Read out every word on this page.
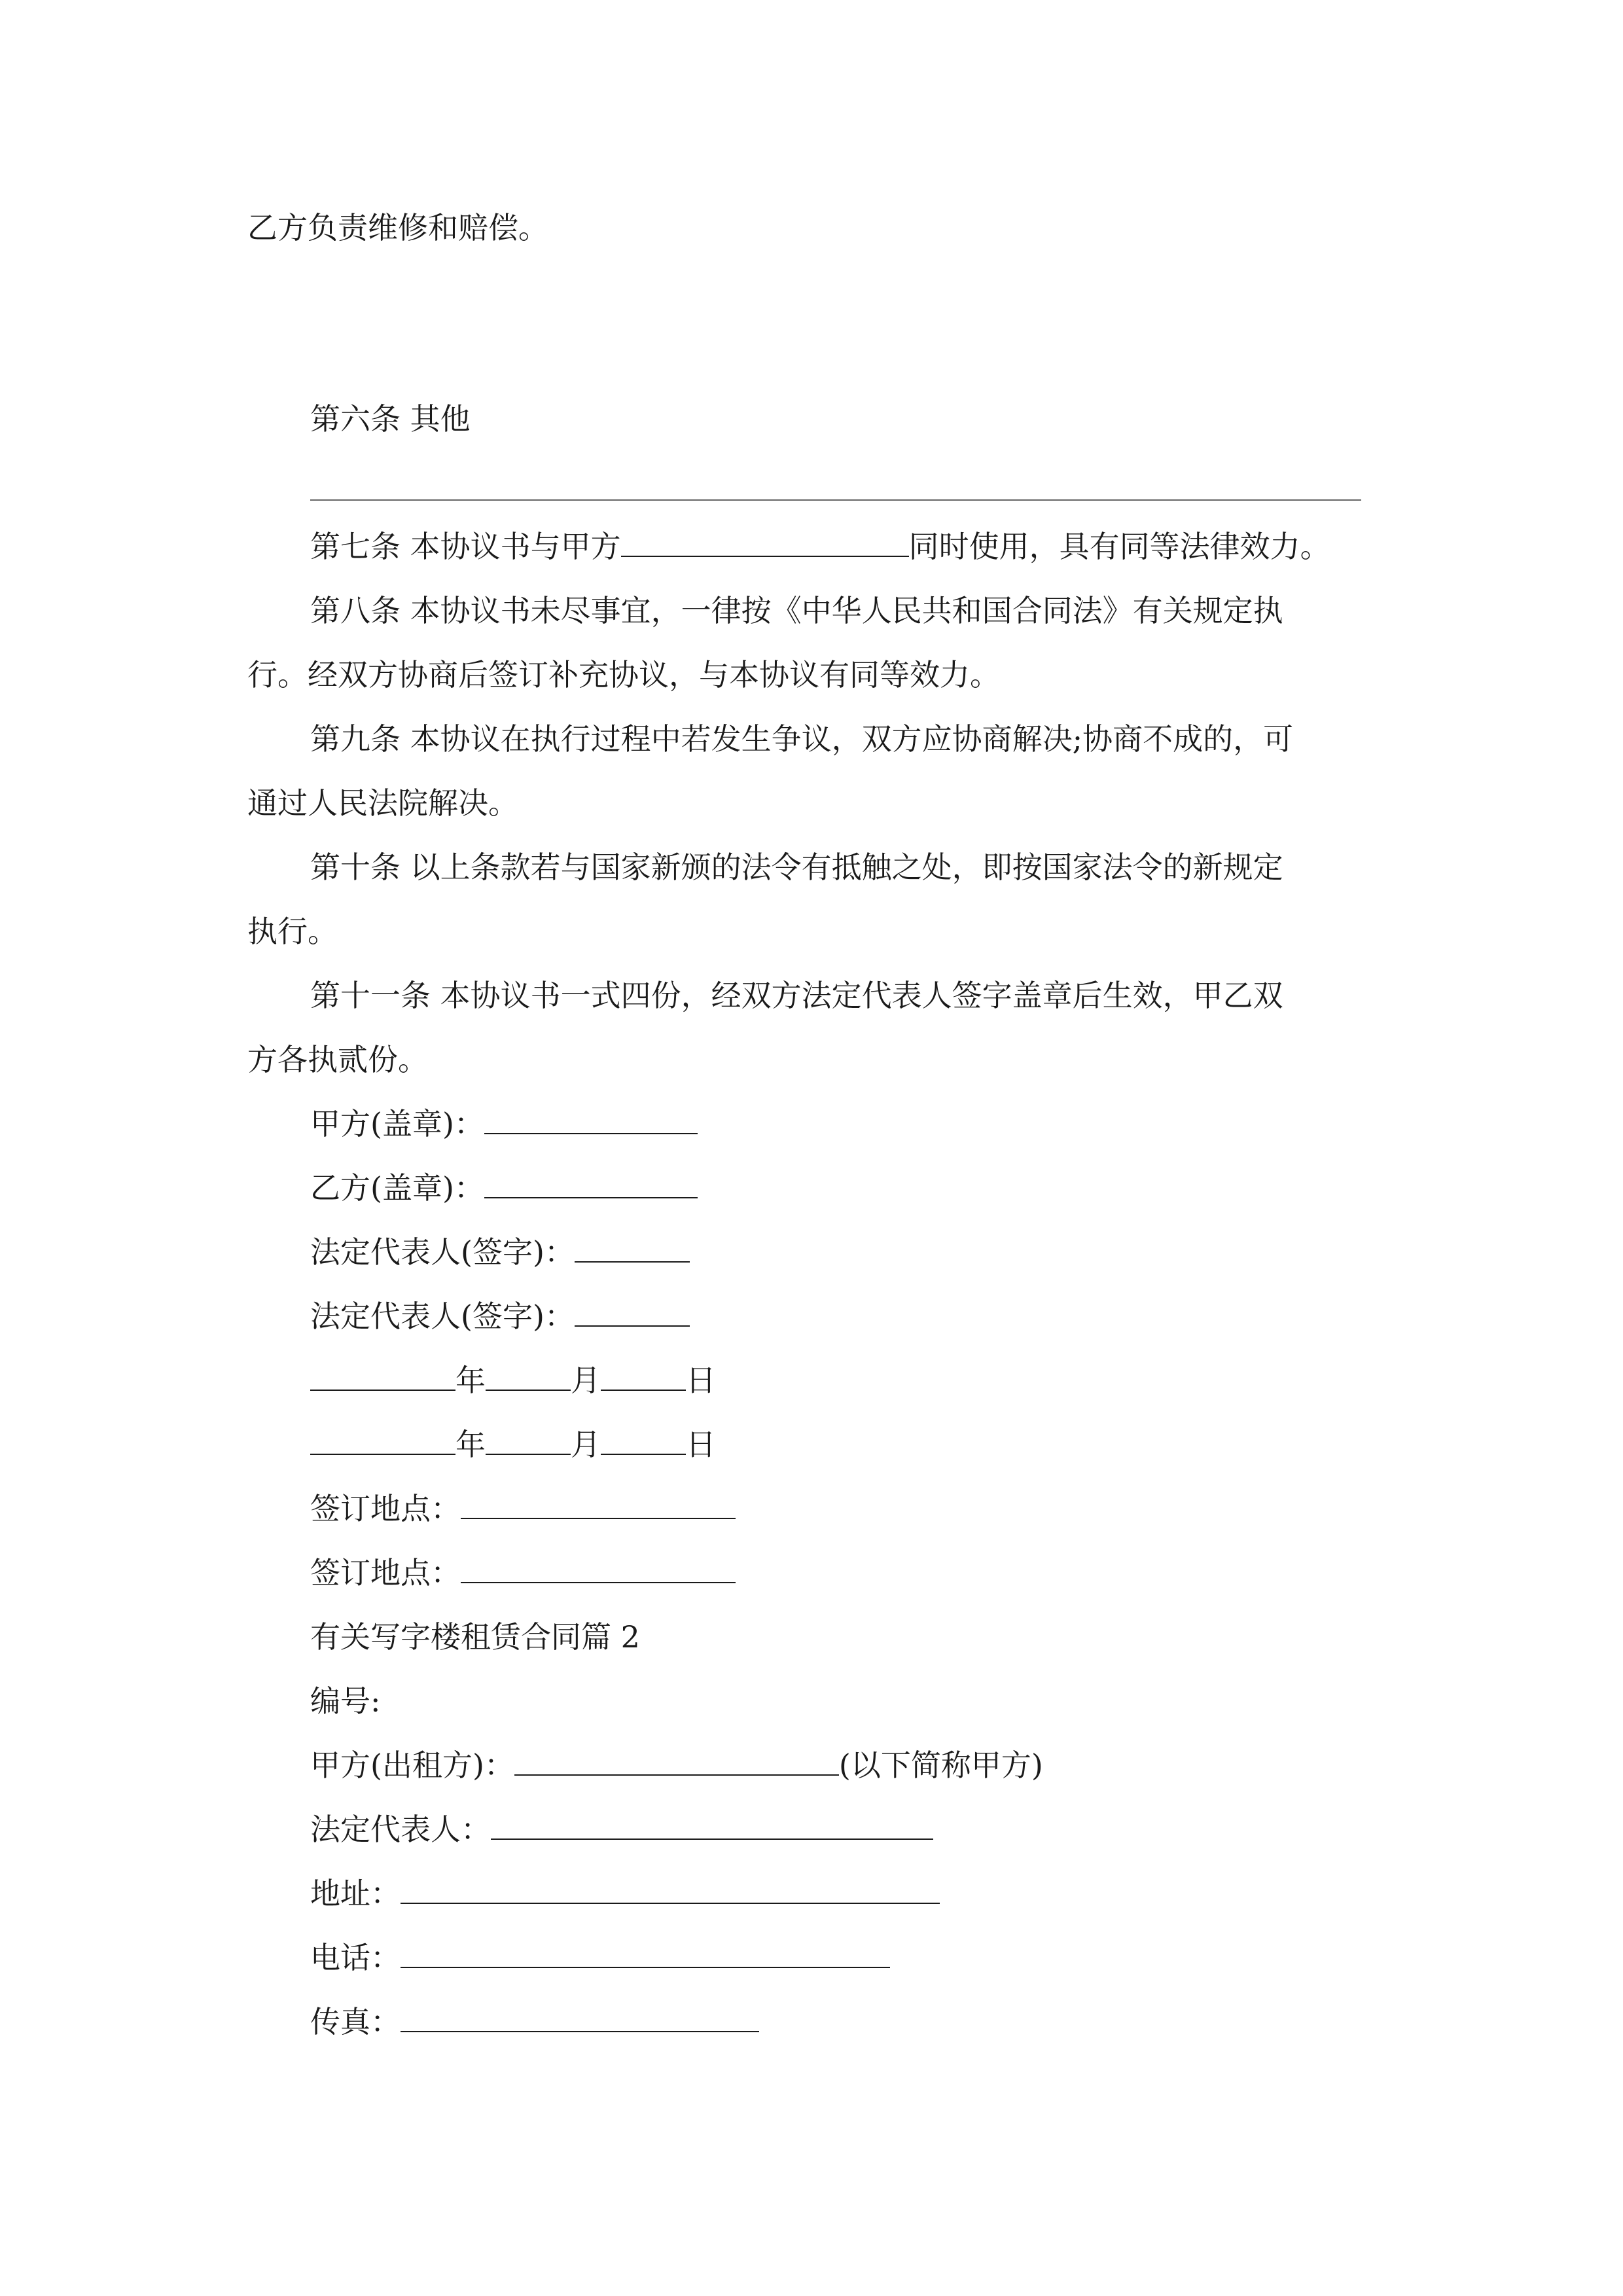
乙方负责维修和赔偿。
第六条 其他
第七条 本协议书与甲方	同时使用，具有同等法律效力。
第八条 本协议书未尽事宜，一律按《中华人民共和国合同法》有关规定执
行。经双方协商后签订补充协议，与本协议有同等效力。
第九条 本协议在执行过程中若发生争议，双方应协商解决;协商不成的，可
通过人民法院解决。
第十条 以上条款若与国家新颁的法令有抵触之处，即按国家法令的新规定
执行。
第十一条 本协议书一式四份，经双方法定代表人签字盖章后生效，甲乙双
方各执贰份。
甲方(盖章)：
乙方(盖章)：
法定代表人(签字)：
法定代表人(签字)：
年	月	日
年	月	日
签订地点：
签订地点：
有关写字楼租赁合同篇 2
编号:
甲方(出租方)：	(以下简称甲方)
法定代表人：
地址：
电话：
传真：
